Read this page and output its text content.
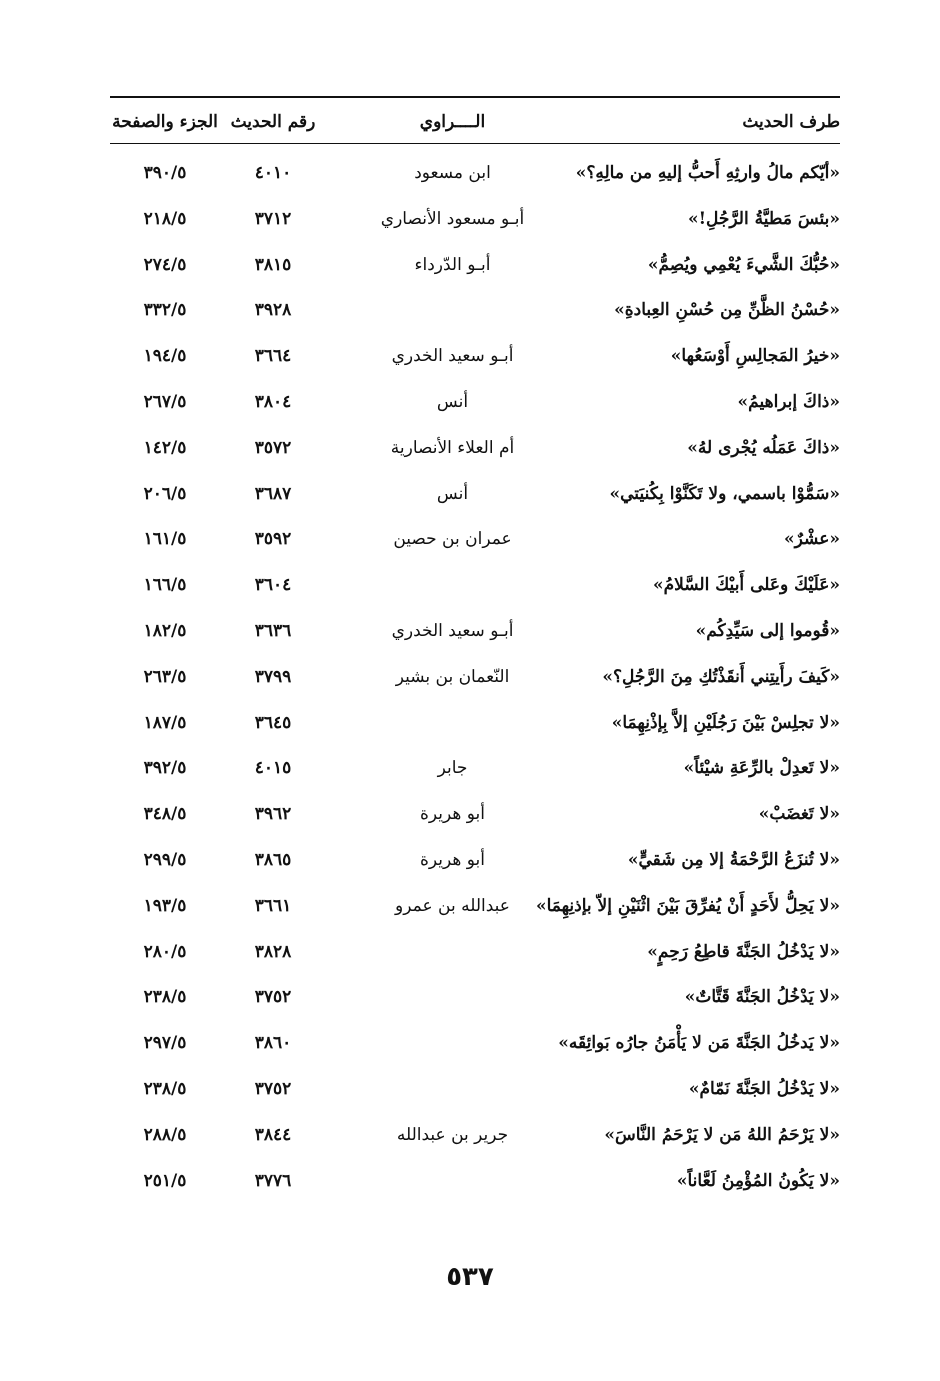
طرف الحديث
الــــراوي
رقم الحديث
الجزء والصفحة
«أيّكم مالُ وارثِهِ أَحبُّ إليهِ من مالِهِ؟»
ابن مسعود
٤٠١٠
٣٩٠/٥
«بئسَ مَطيَّةُ الرَّجُلِ!»
أبـو مسعود الأنصاري
٣٧١٢
٢١٨/٥
«حُبُّكَ الشَّيءَ يُعْمِي ويُصِمُّ»
أبـو الدّرداء
٣٨١٥
٢٧٤/٥
«حُسْنُ الظَّنِّ مِن حُسْنِ العِبادةِ»
٣٩٢٨
٣٣٢/٥
«خيرُ المَجالِسِ أَوْسَعُها»
أبـو سعيد الخدري
٣٦٦٤
١٩٤/٥
«ذاكَ إبراهيمُ»
أنس
٣٨٠٤
٢٦٧/٥
«ذاكَ عَمَلُه يُجْرى لهُ»
أم العلاء الأنصارية
٣٥٧٢
١٤٢/٥
«سَمُّوْا باسمي، ولا تَكَنَّوْا بِكُنيَتي»
أنس
٣٦٨٧
٢٠٦/٥
«عشْرٌ»
عمران بن حصين
٣٥٩٢
١٦١/٥
«عَلَيْكَ وعَلى أَبيْكَ السَّلامُ»
٣٦٠٤
١٦٦/٥
«قُوموا إلى سَيِّدِكُم»
أبـو سعيد الخدري
٣٦٣٦
١٨٢/٥
«كَيفَ رأَيتِني أَنقَذْتُكِ مِنَ الرَّجُلِ؟»
النّعمان بن بشير
٣٧٩٩
٢٦٣/٥
«لا تجلِسْ بَيْنَ رَجُلَيْنِ إلاَّ بِإذْنِهِمَا»
٣٦٤٥
١٨٧/٥
«لا تَعدِلْ بالرِّعَةِ شيْئاً»
جابر
٤٠١٥
٣٩٢/٥
«لا تَغضَبْ»
أبو هريرة
٣٩٦٢
٣٤٨/٥
«لا تُنزَعُ الرَّحْمَةُ إلا مِن شَقيٍّ»
أبو هريرة
٣٨٦٥
٢٩٩/٥
«لا يَحِلُّ لأَحَدٍ أَنْ يُفرِّقَ بَيْنَ اثْنَيْنِ إلاّ بإذنِهِمَا»
عبدالله بن عمرو
٣٦٦١
١٩٣/٥
«لا يَدْخُلُ الجَنَّةَ قاطِعُ رَحِمٍ»
٣٨٢٨
٢٨٠/٥
«لا يَدْخُلُ الجَنَّةَ قَتَّاتٌ»
٣٧٥٢
٢٣٨/٥
«لا يَدخُلُ الجَنَّةَ مَن لا يَأْمَنُ جارُه بَوائِقَه»
٣٨٦٠
٢٩٧/٥
«لا يَدْخُلُ الجَنَّةَ نَمّامٌ»
٣٧٥٢
٢٣٨/٥
«لا يَرْحَمُ اللهُ مَن لا يَرْحَمُ النَّاسَ»
جرير بن عبدالله
٣٨٤٤
٢٨٨/٥
«لا يَكُونُ المُؤْمِنُ لَعَّاناً»
٣٧٧٦
٢٥١/٥
٥٣٧
